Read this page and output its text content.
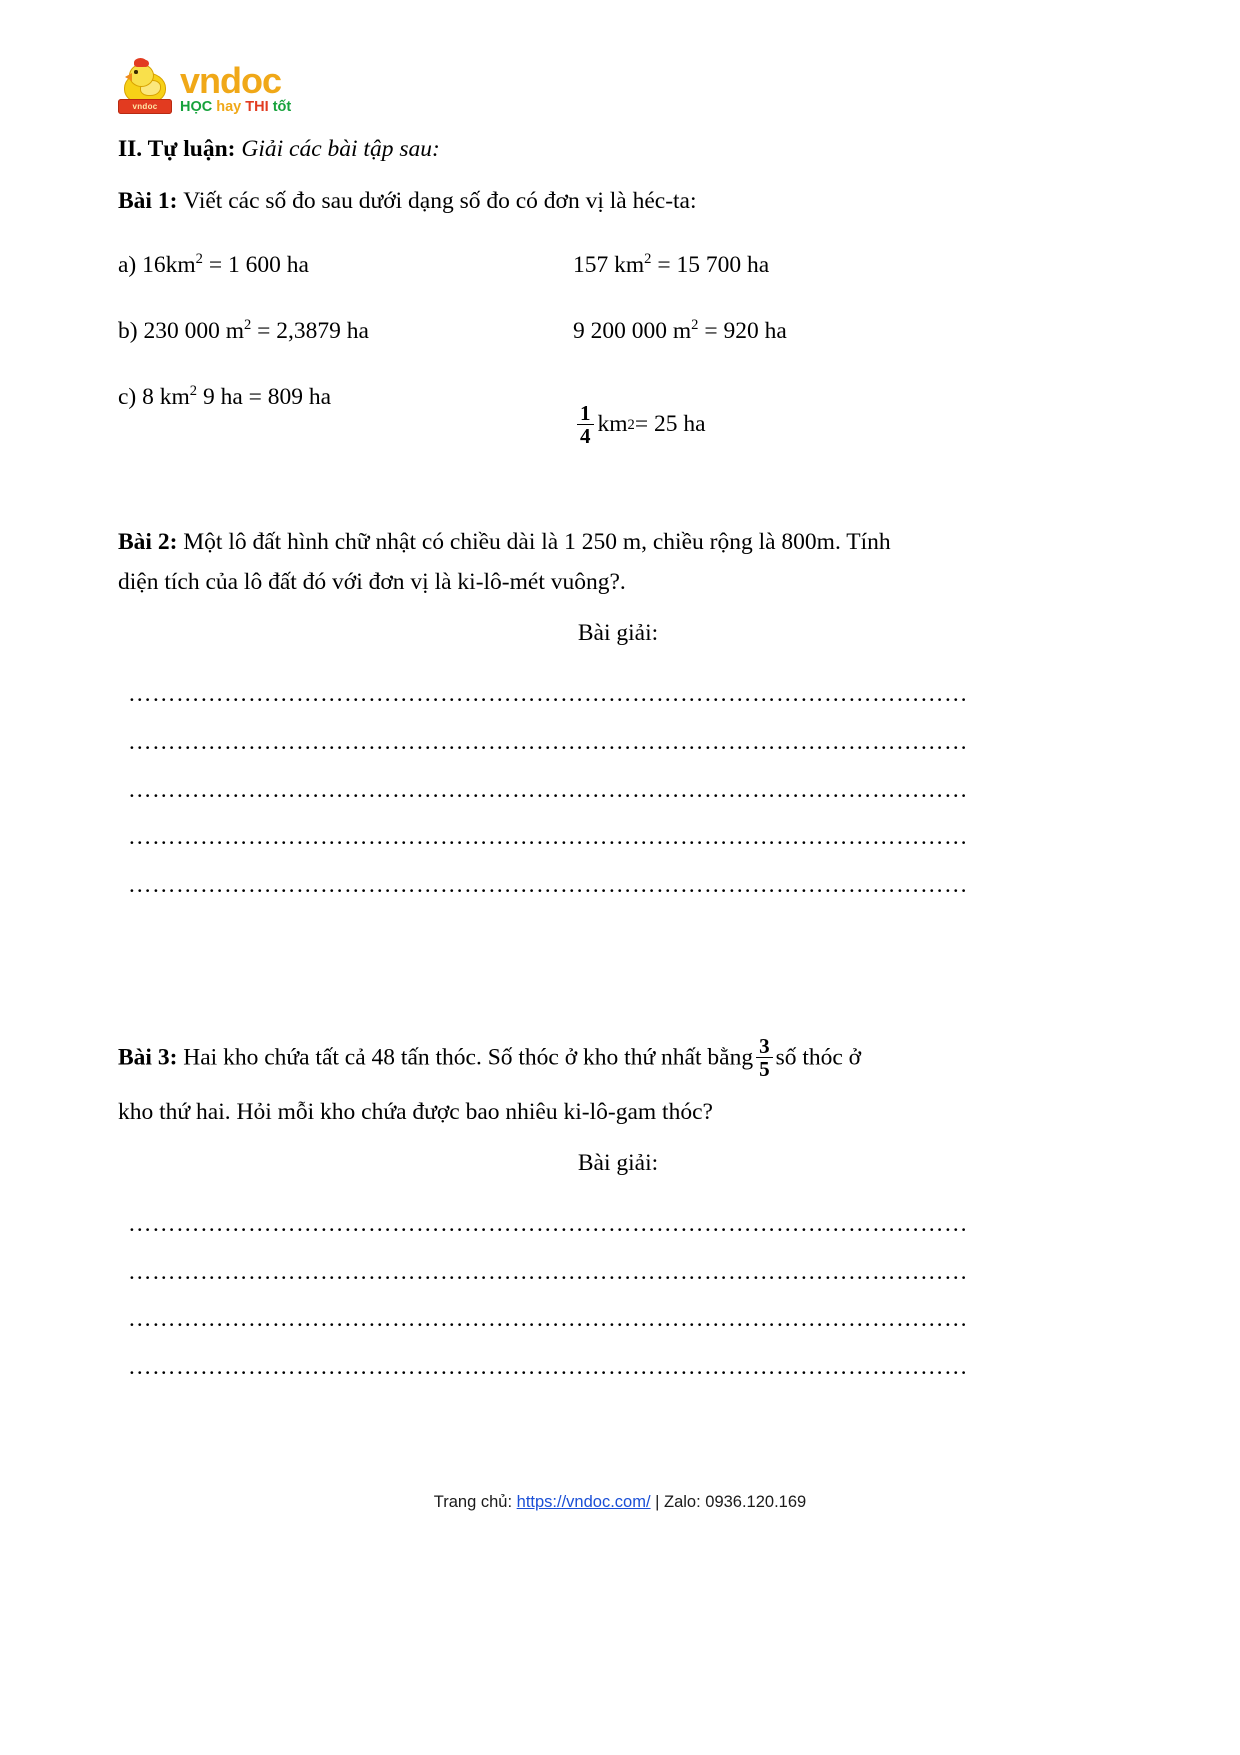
vndoc
vndoc
HỌC hay THI tốt

II. Tự luận: Giải các bài tập sau:

Bài 1: Viết các số đo sau dưới dạng số đo có đơn vị là héc-ta:

a) $16km^2 = 1$ 600 ha	157 $km^2 = 15$ 700 ha
b) 230 000 $m^2 = 2,3879$ ha	9 200 000 $m^2 = 920$ ha
c) 8 $km^2$ 9 ha = 809 ha
$\frac{1}{4}$ km 2 = 25 ha

Bài 2: Một lô đất hình chữ nhật có chiều dài là 1 250 m, chiều rộng là 800m. Tính

diện tích của lô đất đó với đơn vị là ki-lô-mét vuông?.

Bài giải:

……………………………………………………………………………………………

……………………………………………………………………………………………

……………………………………………………………………………………………

……………………………………………………………………………………………

……………………………………………………………………………………………

Bài 3: Hai kho chứa tất cả 48 tấn thóc. Số thóc ở kho thứ nhất bằng $\frac{3}{5}$ số thóc ở

kho thứ hai. Hỏi mỗi kho chứa được bao nhiêu ki-lô-gam thóc?

Bài giải:

……………………………………………………………………………………………

……………………………………………………………………………………………

……………………………………………………………………………………………

……………………………………………………………………………………………

Trang chủ: https://vndoc.com/ | Zalo: 0936.120.169
